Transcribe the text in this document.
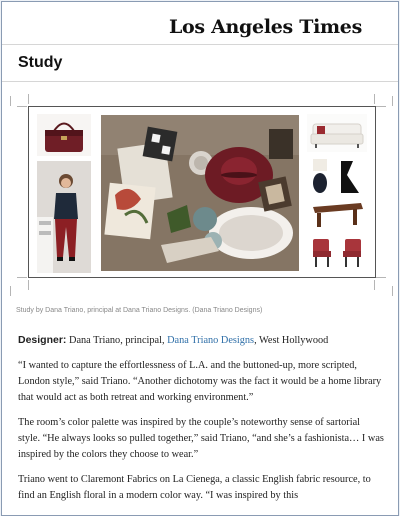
Los Angeles Times
Study
Study by Dana Triano, principal at Dana Triano Designs. (Dana Triano Designs)

Designer: Dana Triano, principal, Dana Triano Designs, West Hollywood

“I wanted to capture the effortlessness of L.A. and the buttoned-up, more scripted, London style,” said Triano. “Another dichotomy was the fact it would be a home library that would act as both retreat and working environment.”

The room’s color palette was inspired by the couple’s noteworthy sense of sartorial style. “He always looks so pulled together,” said Triano, “and she’s a fashionista… I was inspired by the colors they choose to wear.”

Triano went to Claremont Fabrics on La Cienega, a classic English fabric resource, to find an English floral in a modern color way. “I was inspired by this
